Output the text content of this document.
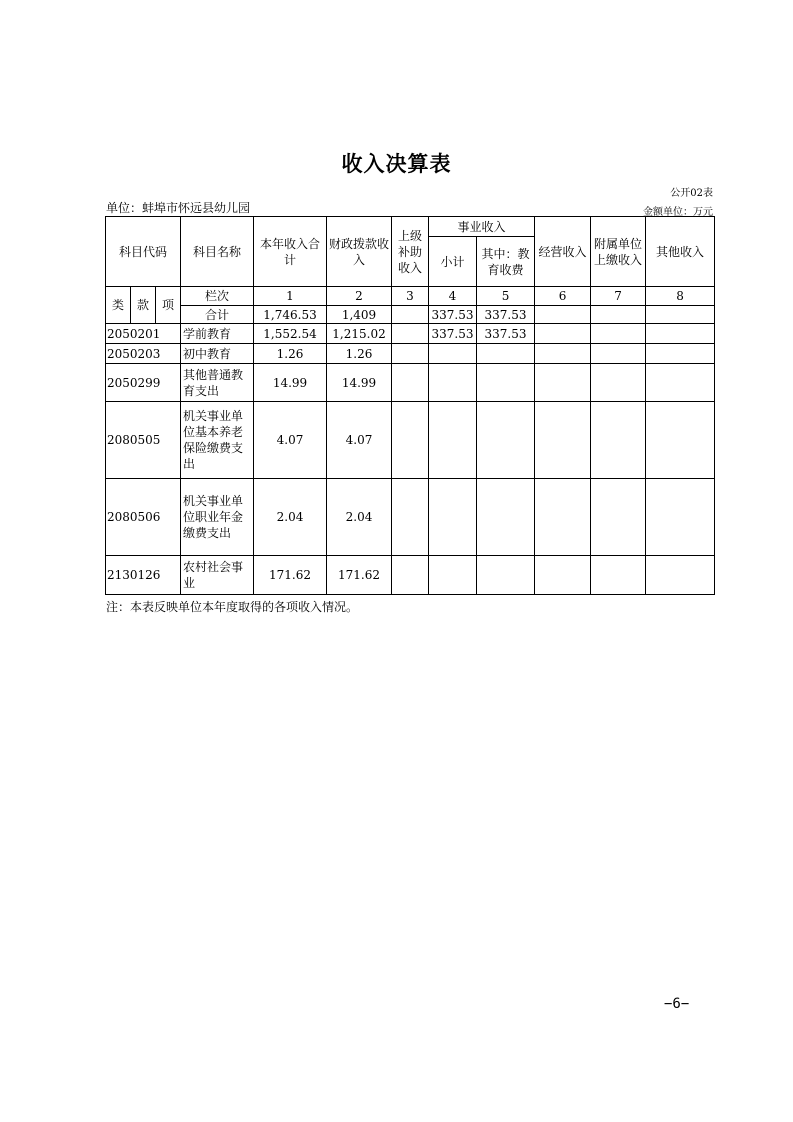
收入决算表
公开02表
单位：蚌埠市怀远县幼儿园	金额单位：万元
科目代码			科目名称	本年收入合计	财政拨款收入	上级补助收入	事业收入		经营收入	附属单位上缴收入	其他收入
							小计	其中：教育收费			
类	款	项	栏次	1	2	3	4	5	6	7	8
			合计	1,746.53	1,409		337.53	337.53			
2050201			学前教育	1,552.54	1,215.02		337.53	337.53			
2050203			初中教育	1.26	1.26						
2050299			其他普通教育支出	14.99	14.99						
2080505			机关事业单位基本养老保险缴费支出	4.07	4.07						
2080506			机关事业单位职业年金缴费支出	2.04	2.04						
2130126			农村社会事业	171.62	171.62						
注：本表反映单位本年度取得的各项收入情况。
−6−
